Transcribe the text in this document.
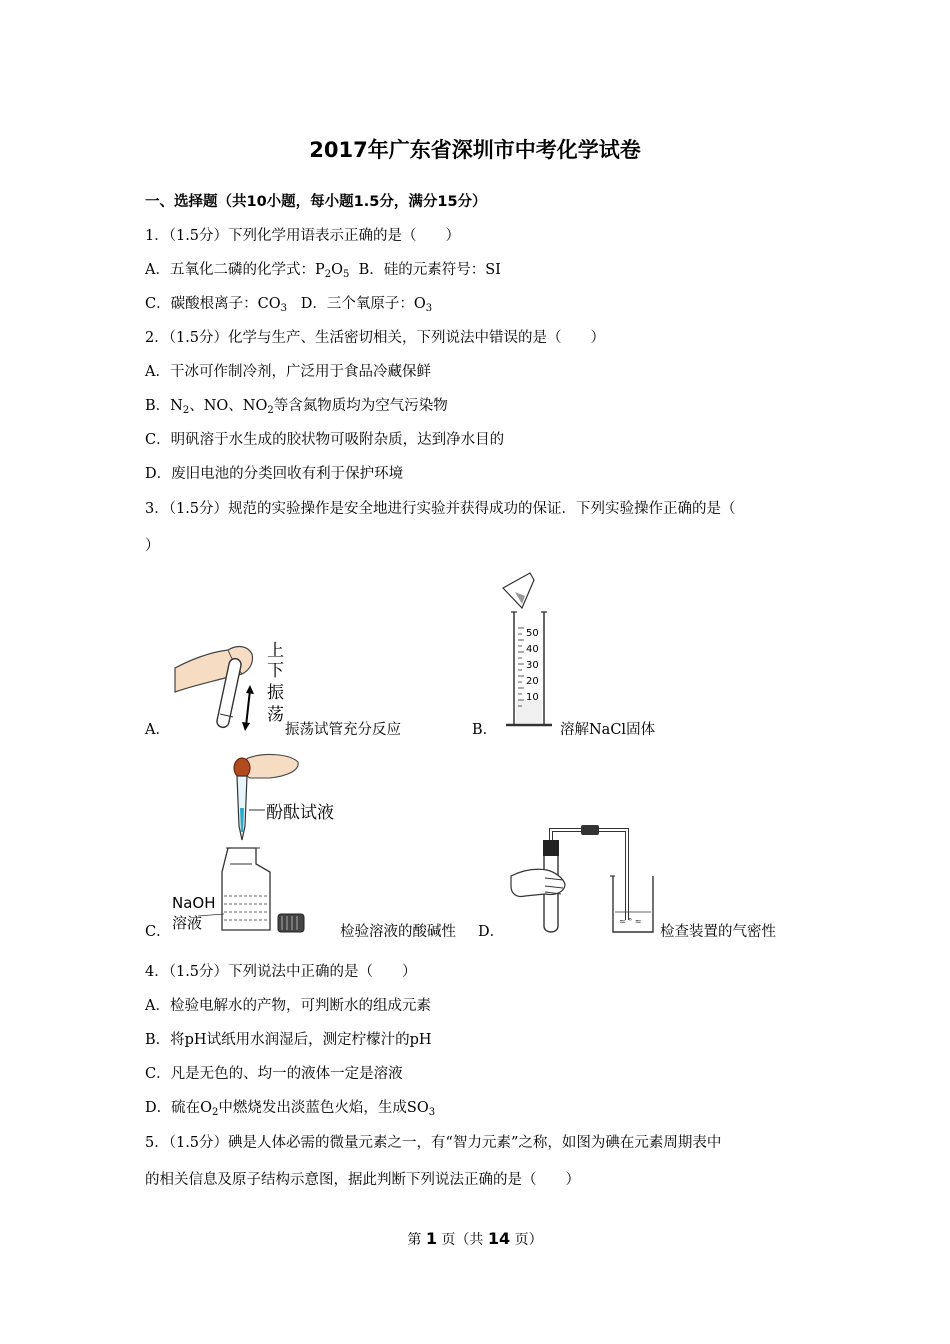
2017年广东省深圳市中考化学试卷
一、选择题（共10小题，每小题1.5分，满分15分）
1．（1.5分）下列化学用语表示正确的是（　　）
A．五氧化二磷的化学式：$P_2O_5$  B．硅的元素符号：SI
C．碳酸根离子：$CO_3$   D．三个氧原子：$O_3$
2．（1.5分）化学与生产、生活密切相关，下列说法中错误的是（　　）
A．干冰可作制冷剂，广泛用于食品冷藏保鲜
B．$N_2$、NO、$NO_2$等含氮物质均为空气污染物
C．明矾溶于水生成的胶状物可吸附杂质，达到净水目的
D．废旧电池的分类回收有利于保护环境
3．（1.5分）规范的实验操作是安全地进行实验并获得成功的保证．下列实验操作正确的是（
）
上
下
振
荡
A．	振荡试管充分反应
50
40
30
20
10
B．	溶解NaCl固体
酚酞试液
NaOH
溶液
C．	检验溶液的酸碱性
≈ ° ≈
D．	检查装置的气密性
4．（1.5分）下列说法中正确的是（　　）
A．检验电解水的产物，可判断水的组成元素
B．将pH试纸用水润湿后，测定柠檬汁的pH
C．凡是无色的、均一的液体一定是溶液
D．硫在$O_2$中燃烧发出淡蓝色火焰，生成$SO_3$
5．（1.5分）碘是人体必需的微量元素之一，有“智力元素”之称，如图为碘在元素周期表中
的相关信息及原子结构示意图，据此判断下列说法正确的是（　　）
第 1 页（共 14 页）
